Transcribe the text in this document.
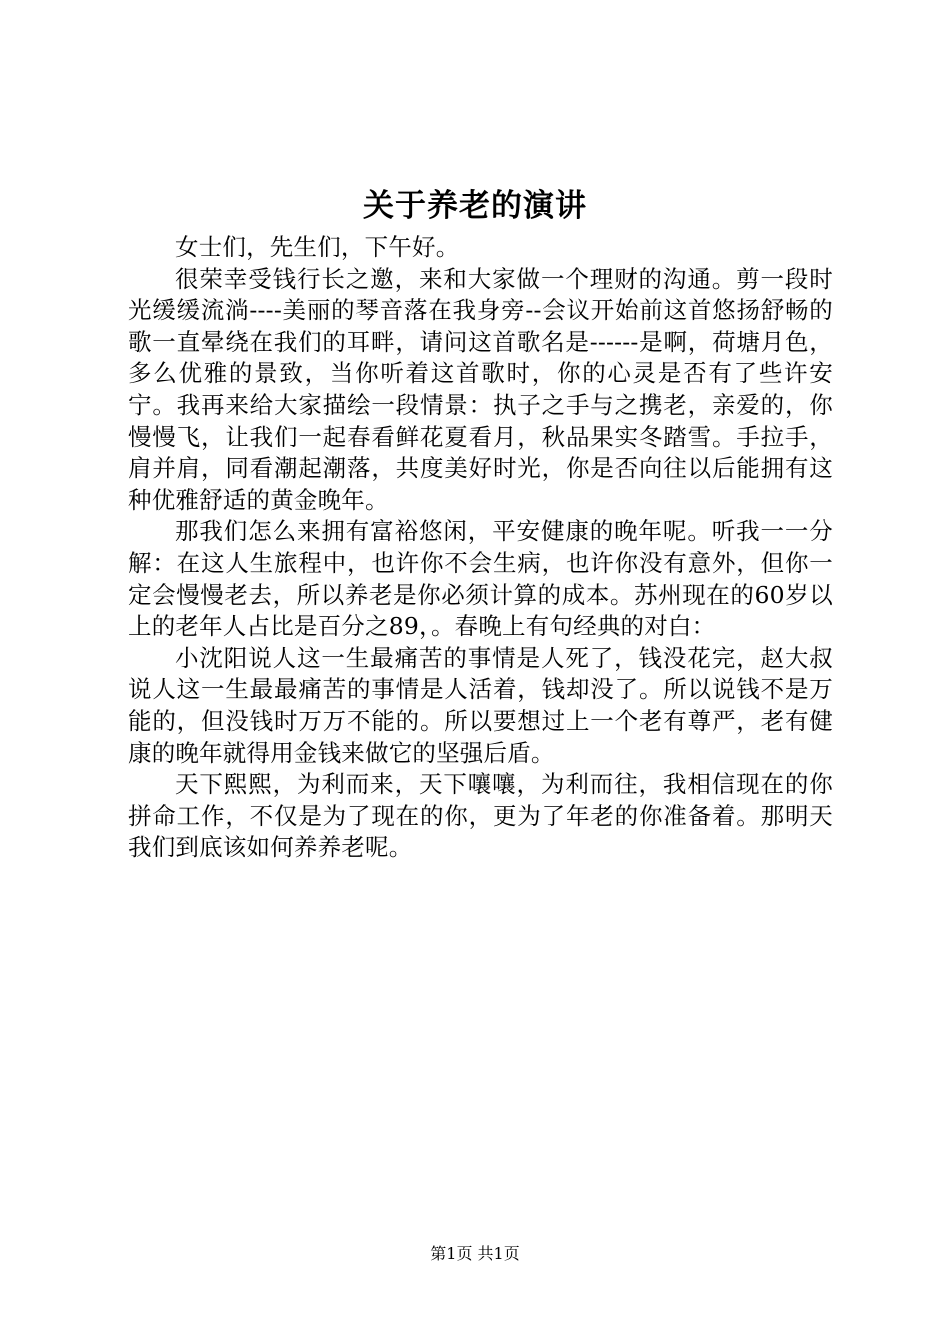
关于养老的演讲

女士们，先生们，下午好。

很荣幸受钱行长之邀，来和大家做一个理财的沟通。剪一段时光缓缓流淌----美丽的琴音落在我身旁--会议开始前这首悠扬舒畅的歌一直晕绕在我们的耳畔，请问这首歌名是------是啊，荷塘月色，多么优雅的景致，当你听着这首歌时，你的心灵是否有了些许安宁。我再来给大家描绘一段情景：执子之手与之携老，亲爱的，你慢慢飞，让我们一起春看鲜花夏看月，秋品果实冬踏雪。手拉手，肩并肩，同看潮起潮落，共度美好时光，你是否向往以后能拥有这种优雅舒适的黄金晚年。

那我们怎么来拥有富裕悠闲，平安健康的晚年呢。听我一一分解：在这人生旅程中，也许你不会生病，也许你没有意外，但你一定会慢慢老去，所以养老是你必须计算的成本。苏州现在的60岁以上的老年人占比是百分之89，。春晚上有句经典的对白：

小沈阳说人这一生最痛苦的事情是人死了，钱没花完，赵大叔说人这一生最最痛苦的事情是人活着，钱却没了。所以说钱不是万能的，但没钱时万万不能的。所以要想过上一个老有尊严，老有健康的晚年就得用金钱来做它的坚强后盾。

天下熙熙，为利而来，天下嚷嚷，为利而往，我相信现在的你拼命工作，不仅是为了现在的你，更为了年老的你准备着。那明天我们到底该如何养养老呢。

第1页 共1页
